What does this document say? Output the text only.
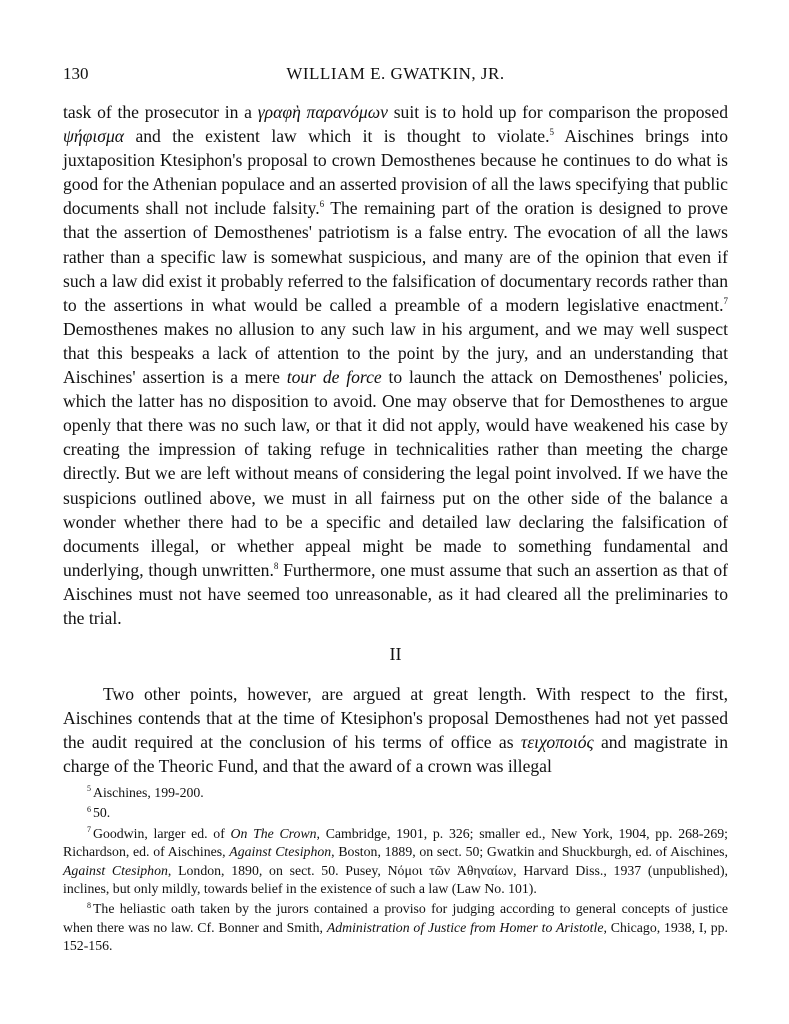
130	WILLIAM E. GWATKIN, JR.

task of the prosecutor in a γραφὴ παρανόμων suit is to hold up for comparison the proposed ψήφισμα and the existent law which it is thought to violate.$^5$ Aischines brings into juxtaposition Ktesiphon's proposal to crown Demosthenes because he continues to do what is good for the Athenian populace and an asserted provision of all the laws specifying that public documents shall not include falsity.$^6$ The remaining part of the oration is designed to prove that the assertion of Demosthenes' patriotism is a false entry. The evocation of all the laws rather than a specific law is somewhat suspicious, and many are of the opinion that even if such a law did exist it probably referred to the falsification of documentary records rather than to the assertions in what would be called a preamble of a modern legislative enactment.$^7$ Demosthenes makes no allusion to any such law in his argument, and we may well suspect that this bespeaks a lack of attention to the point by the jury, and an understanding that Aischines' assertion is a mere tour de force to launch the attack on Demosthenes' policies, which the latter has no disposition to avoid. One may observe that for Demosthenes to argue openly that there was no such law, or that it did not apply, would have weakened his case by creating the impression of taking refuge in technicalities rather than meeting the charge directly. But we are left without means of considering the legal point involved. If we have the suspicions outlined above, we must in all fairness put on the other side of the balance a wonder whether there had to be a specific and detailed law declaring the falsification of documents illegal, or whether appeal might be made to something fundamental and underlying, though unwritten.$^8$ Furthermore, one must assume that such an assertion as that of Aischines must not have seemed too unreasonable, as it had cleared all the preliminaries to the trial.

II

Two other points, however, are argued at great length. With respect to the first, Aischines contends that at the time of Ktesiphon's proposal Demosthenes had not yet passed the audit required at the conclusion of his terms of office as τειχοποιός and magistrate in charge of the Theoric Fund, and that the award of a crown was illegal

$^5$ Aischines, 199-200.

$^6$ 50.

$^7$ Goodwin, larger ed. of On The Crown, Cambridge, 1901, p. 326; smaller ed., New York, 1904, pp. 268-269; Richardson, ed. of Aischines, Against Ctesiphon, Boston, 1889, on sect. 50; Gwatkin and Shuckburgh, ed. of Aischines, Against Ctesiphon, London, 1890, on sect. 50. Pusey, Νόμοι τῶν Ἀθηναίων, Harvard Diss., 1937 (unpublished), inclines, but only mildly, towards belief in the existence of such a law (Law No. 101).

$^8$ The heliastic oath taken by the jurors contained a proviso for judging according to general concepts of justice when there was no law. Cf. Bonner and Smith, Administration of Justice from Homer to Aristotle, Chicago, 1938, I, pp. 152-156.
